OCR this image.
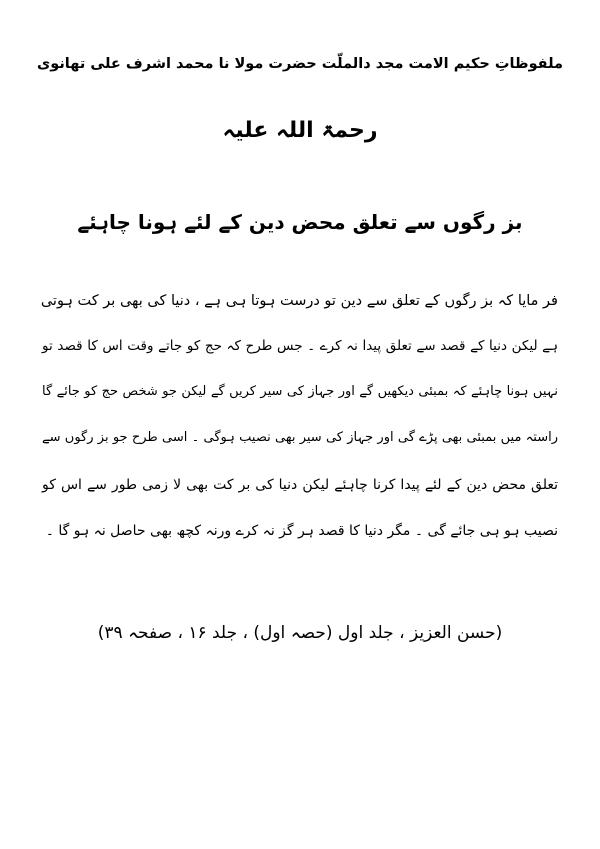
ملفوظاتِ حکیم الامت مجد دالملّت حضرت مولا نا محمد اشرف علی تھانوی
رحمۃ اللہ علیہ
بز رگوں سے تعلق محض دین کے لئے ہونا چاہئے
فر مایا کہ بز رگوں کے تعلق سے دین تو درست ہوتا ہی ہے ، دنیا کی بھی بر کت ہوتی
ہے لیکن دنیا کے قصد سے تعلق پیدا نہ کرے ۔ جس طرح کہ حج کو جاتے وقت اس کا قصد تو
نہیں ہونا چاہئے کہ بمبئی دیکھیں گے اور جہاز کی سیر کریں گے لیکن جو شخص حج کو جائے گا
راستہ میں بمبئی بھی پڑے گی اور جہاز کی سیر بھی نصیب ہوگی ۔ اسی طرح جو بز رگوں سے
تعلق محض دین کے لئے پیدا کرنا چاہئے لیکن دنیا کی بر کت بھی لا زمی طور سے اس کو
نصیب ہو ہی جائے گی ۔ مگر دنیا کا قصد ہر گز نہ کرے ورنہ کچھ بھی حاصل نہ ہو گا ۔
(حسن العزیز ، جلد اول (حصہ اول) ، جلد ۱۶ ، صفحہ ۳۹)
